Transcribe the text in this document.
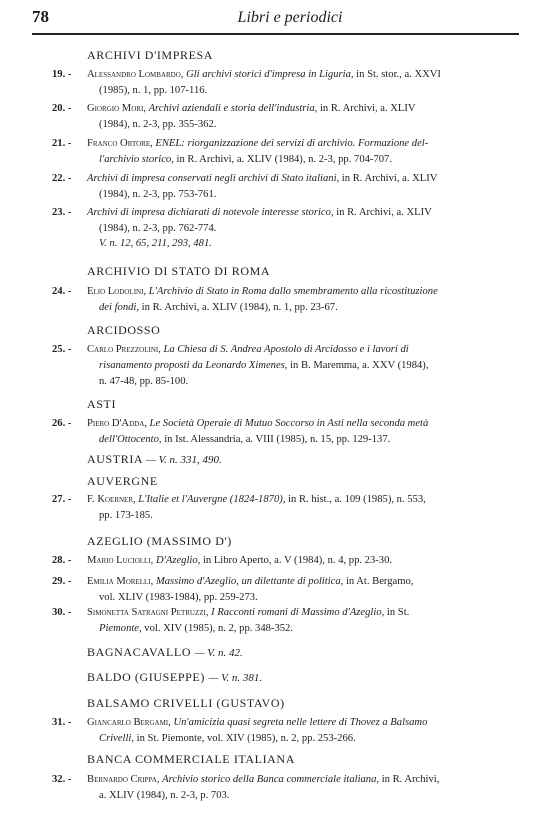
78	Libri e periodici
ARCHIVI D'IMPRESA
19. - Alessandro Lombardo, Gli archivi storici d'impresa in Liguria, in St. stor., a. XXVI
(1985), n. 1, pp. 107-116.
20. - Giorgio Mori, Archivi aziendali e storia dell'industria, in R. Archivi, a. XLIV
(1984), n. 2-3, pp. 355-362.
21. - Franco Ortore, ENEL: riorganizzazione dei servizi di archivio. Formazione del-
l'archivio storico, in R. Archivi, a. XLIV (1984), n. 2-3, pp. 704-707.
22. - Archivi di impresa conservati negli archivi di Stato italiani, in R. Archivi, a. XLIV
(1984), n. 2-3, pp. 753-761.
23. - Archivi di impresa dichiarati di notevole interesse storico, in R. Archivi, a. XLIV
(1984), n. 2-3, pp. 762-774.
V. n. 12, 65, 211, 293, 481.
ARCHIVIO DI STATO DI ROMA
24. - Elio Lodolini, L'Archivio di Stato in Roma dallo smembramento alla ricostituzione
dei fondi, in R. Archivi, a. XLIV (1984), n. 1, pp. 23-67.
ARCIDOSSO
25. - Carlo Prezzolini, La Chiesa di S. Andrea Apostolo di Arcidosso e i lavori di
risanamento proposti da Leonardo Ximenes, in B. Maremma, a. XXV (1984),
n. 47-48, pp. 85-100.
ASTI
26. - Piero D'Adda, Le Società Operaie di Mutuo Soccorso in Asti nella seconda metà
dell'Ottocento, in Ist. Alessandria, a. VIII (1985), n. 15, pp. 129-137.
AUSTRIA — V. n. 331, 490.
AUVERGNE
27. - F. Koerner, L'Italie et l'Auvergne (1824-1870), in R. hist., a. 109 (1985), n. 553,
pp. 173-185.
AZEGLIO (MASSIMO D')
28. - Mario Luciolli, D'Azeglio, in Libro Aperto, a. V (1984), n. 4, pp. 23-30.
29. - Emilia Morelli, Massimo d'Azeglio, un dilettante di politica, in At. Bergamo,
vol. XLIV (1983-1984), pp. 259-273.
30. - Simonetta Satragni Petruzzi, I Racconti romani di Massimo d'Azeglio, in St.
Piemonte, vol. XIV (1985), n. 2, pp. 348-352.
BAGNACAVALLO — V. n. 42.
BALDO (GIUSEPPE) — V. n. 381.
BALSAMO CRIVELLI (GUSTAVO)
31. - Giancarlo Bergami, Un'amicizia quasi segreta nelle lettere di Thovez a Balsamo
Crivelli, in St. Piemonte, vol. XIV (1985), n. 2, pp. 253-266.
BANCA COMMERCIALE ITALIANA
32. - Bernardo Crippa, Archivio storico della Banca commerciale italiana, in R. Archivi,
a. XLIV (1984), n. 2-3, p. 703.
